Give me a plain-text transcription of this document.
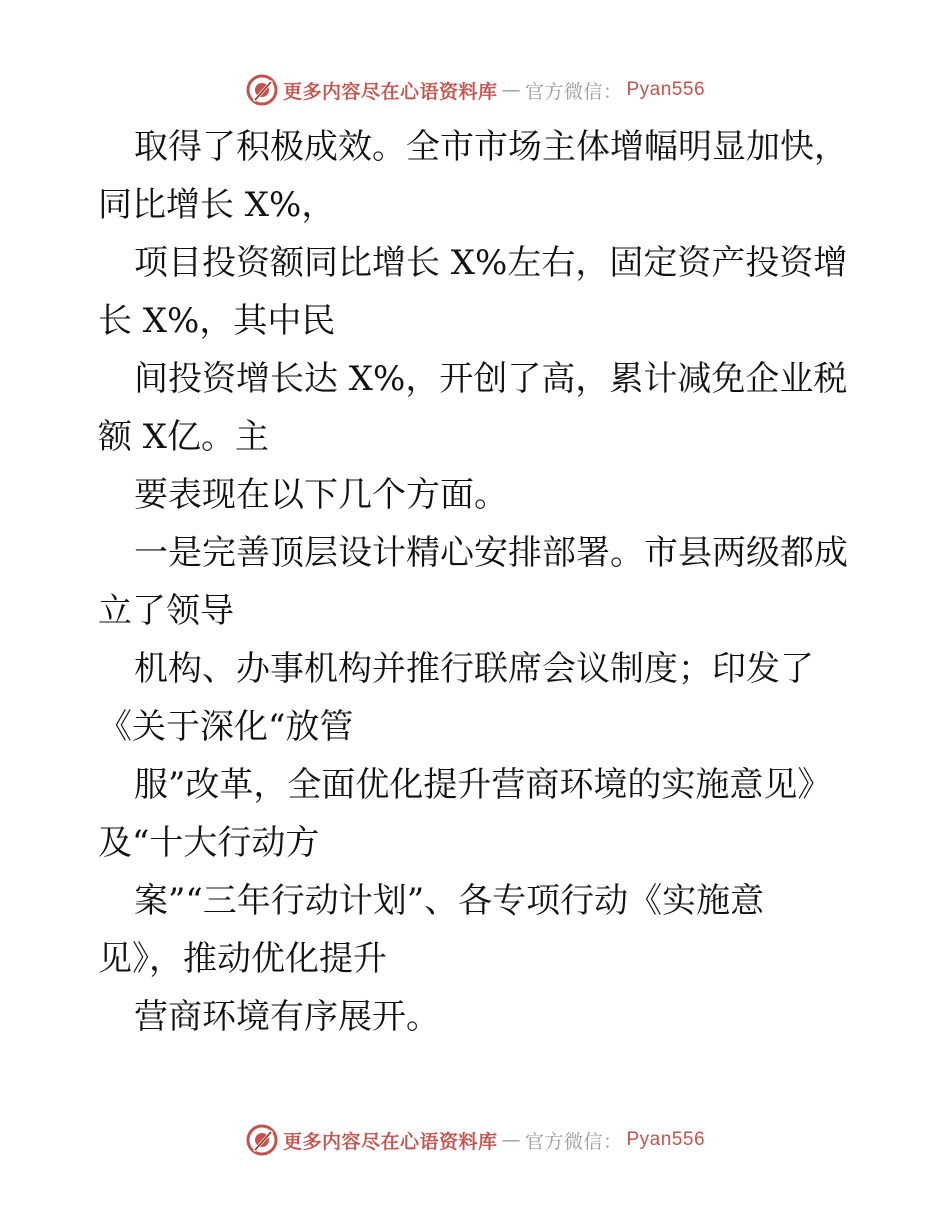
更多内容尽在心语资料库 — 官方微信： Pyan556

取得了积极成效。全市市场主体增幅明显加快，

同比增长 X%，

项目投资额同比增长 X%左右，固定资产投资增

长 X%，其中民

间投资增长达 X%，开创了高，累计减免企业税

额 X亿。主

要表现在以下几个方面。

一是完善顶层设计精心安排部署。市县两级都成

立了领导

机构、办事机构并推行联席会议制度；印发了

《关于深化“放管

服”改革，全面优化提升营商环境的实施意见》

及“十大行动方

案”“三年行动计划”、各专项行动《实施意

见》，推动优化提升

营商环境有序展开。

更多内容尽在心语资料库 — 官方微信： Pyan556
